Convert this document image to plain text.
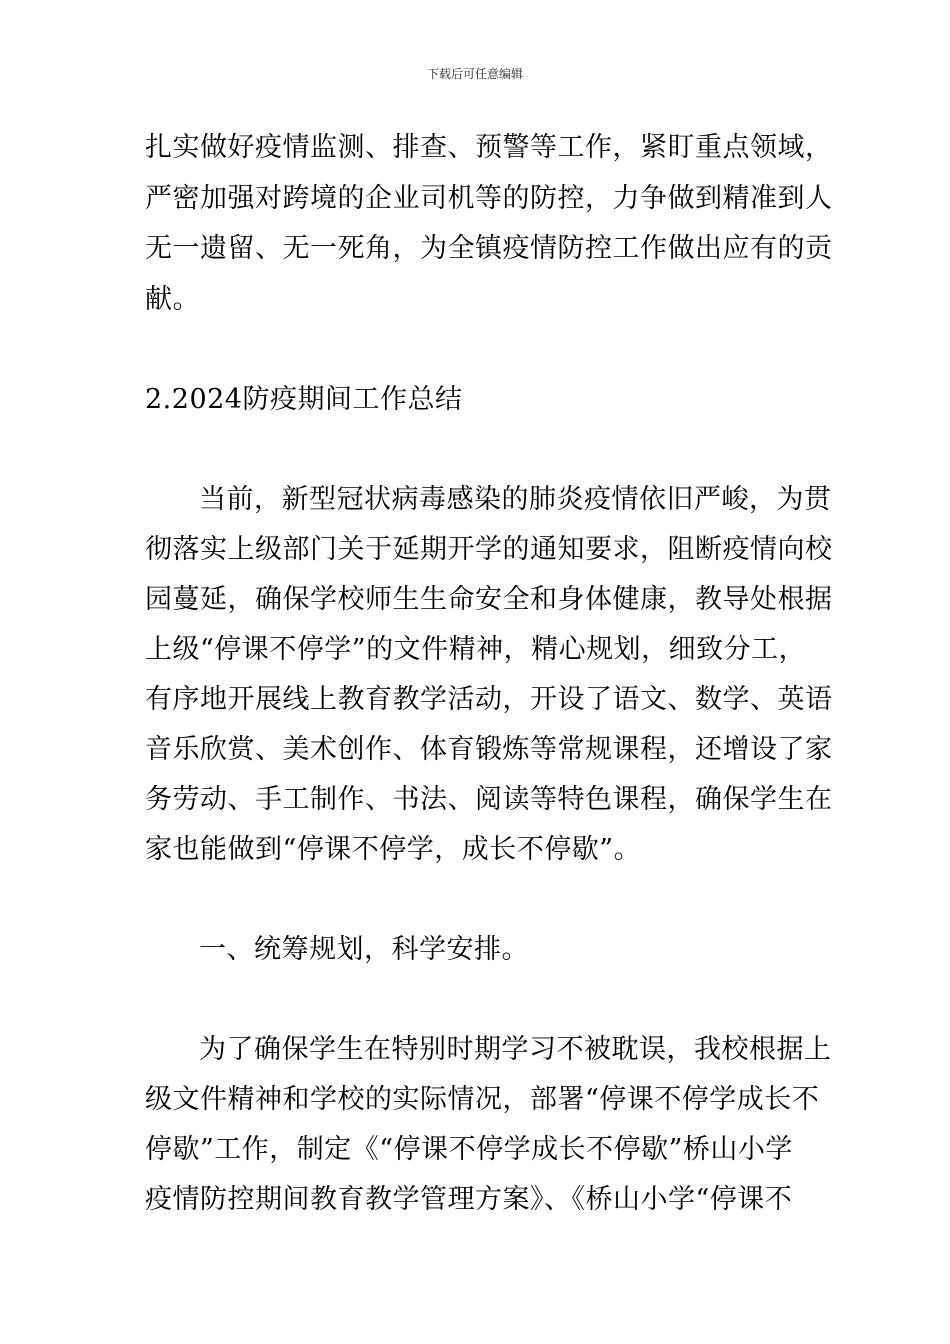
下载后可任意编辑
扎实做好疫情监测、排查、预警等工作，紧盯重点领域，
严密加强对跨境的企业司机等的防控，力争做到精准到人
无一遗留、无一死角，为全镇疫情防控工作做出应有的贡
献。
2.2024防疫期间工作总结
当前，新型冠状病毒感染的肺炎疫情依旧严峻，为贯
彻落实上级部门关于延期开学的通知要求，阻断疫情向校
园蔓延，确保学校师生生命安全和身体健康，教导处根据
上级“停课不停学”的文件精神，精心规划，细致分工，
有序地开展线上教育教学活动，开设了语文、数学、英语
音乐欣赏、美术创作、体育锻炼等常规课程，还增设了家
务劳动、手工制作、书法、阅读等特色课程，确保学生在
家也能做到“停课不停学，成长不停歇”。
一、统筹规划，科学安排。
为了确保学生在特别时期学习不被耽误，我校根据上
级文件精神和学校的实际情况，部署“停课不停学成长不
停歇”工作，制定《“停课不停学成长不停歇”桥山小学
疫情防控期间教育教学管理方案》、《桥山小学“停课不
